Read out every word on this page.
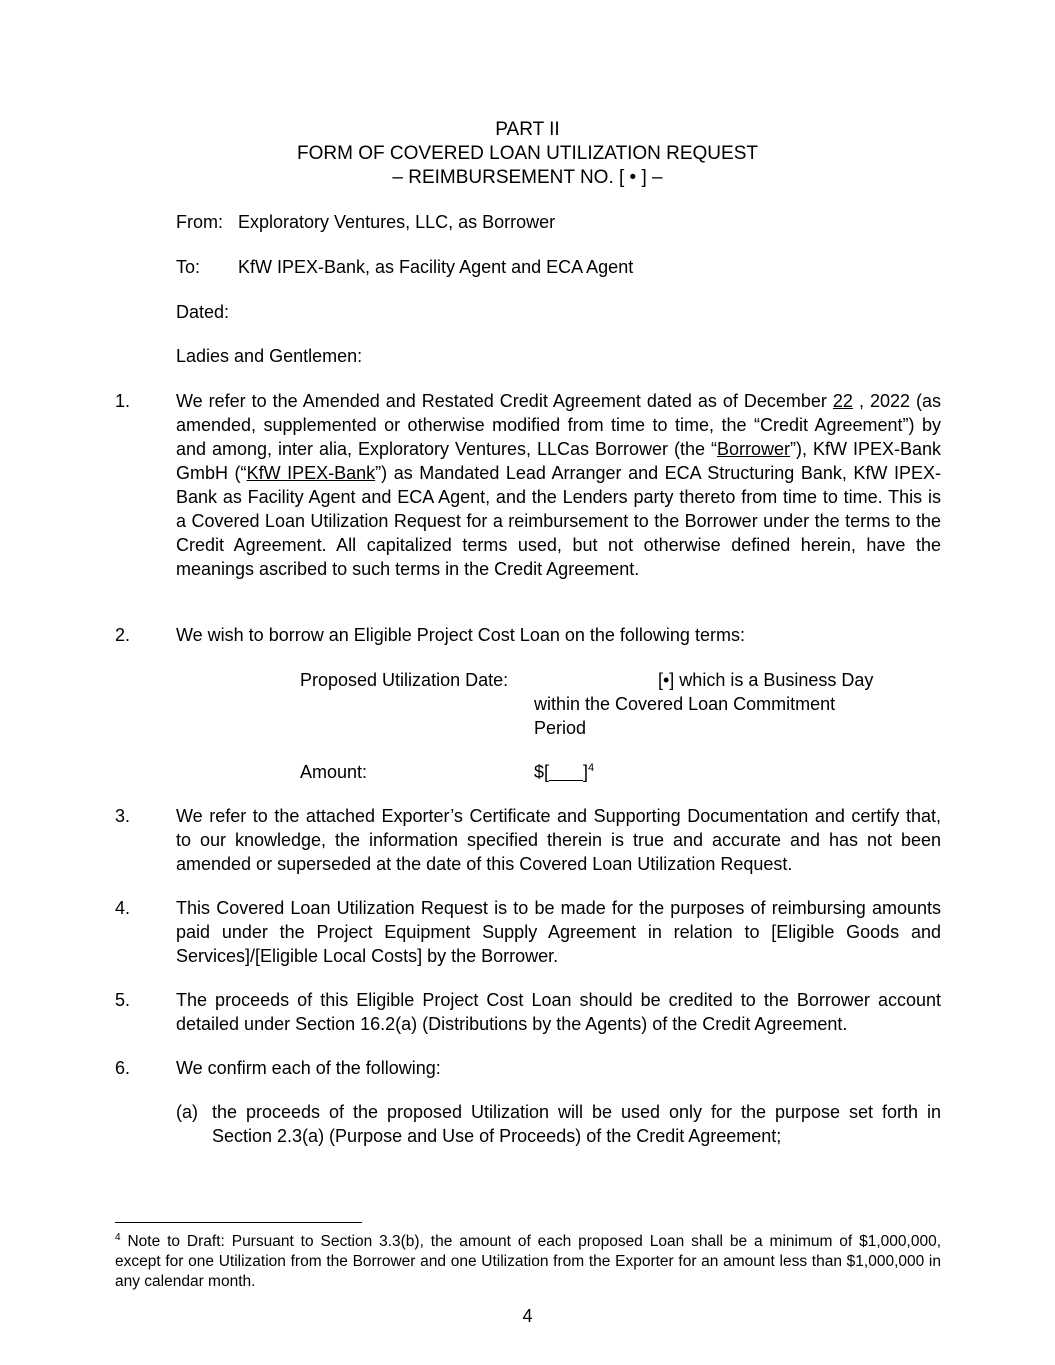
PART II
FORM OF COVERED LOAN UTILIZATION REQUEST
– REIMBURSEMENT NO. [ • ] –
From: Exploratory Ventures, LLC, as Borrower
To: KfW IPEX-Bank, as Facility Agent and ECA Agent
Dated:
Ladies and Gentlemen:
1.	We refer to the Amended and Restated Credit Agreement dated as of December 22 , 2022 (as amended, supplemented or otherwise modified from time to time, the “Credit Agreement”) by and among, inter alia, Exploratory Ventures, LLCas Borrower (the “Borrower”), KfW IPEX-Bank GmbH (“KfW IPEX-Bank”) as Mandated Lead Arranger and ECA Structuring Bank, KfW IPEX-Bank as Facility Agent and ECA Agent, and the Lenders party thereto from time to time. This is a Covered Loan Utilization Request for a reimbursement to the Borrower under the terms to the Credit Agreement. All capitalized terms used, but not otherwise defined herein, have the meanings ascribed to such terms in the Credit Agreement.
2.	We wish to borrow an Eligible Project Cost Loan on the following terms:
Proposed Utilization Date:	[•] which is a Business Day
within the Covered Loan Commitment
Period
Amount:	$[ ]$^4$
3.	We refer to the attached Exporter’s Certificate and Supporting Documentation and certify that, to our knowledge, the information specified therein is true and accurate and has not been amended or superseded at the date of this Covered Loan Utilization Request.
4.	This Covered Loan Utilization Request is to be made for the purposes of reimbursing amounts paid under the Project Equipment Supply Agreement in relation to [Eligible Goods and Services]/[Eligible Local Costs] by the Borrower.
5.	The proceeds of this Eligible Project Cost Loan should be credited to the Borrower account detailed under Section 16.2(a) (Distributions by the Agents) of the Credit Agreement.
6.	We confirm each of the following:
(a) the proceeds of the proposed Utilization will be used only for the purpose set forth in Section 2.3(a) (Purpose and Use of Proceeds) of the Credit Agreement;
$^4$ Note to Draft: Pursuant to Section 3.3(b), the amount of each proposed Loan shall be a minimum of $1,000,000, except for one Utilization from the Borrower and one Utilization from the Exporter for an amount less than $1,000,000 in any calendar month.
4
